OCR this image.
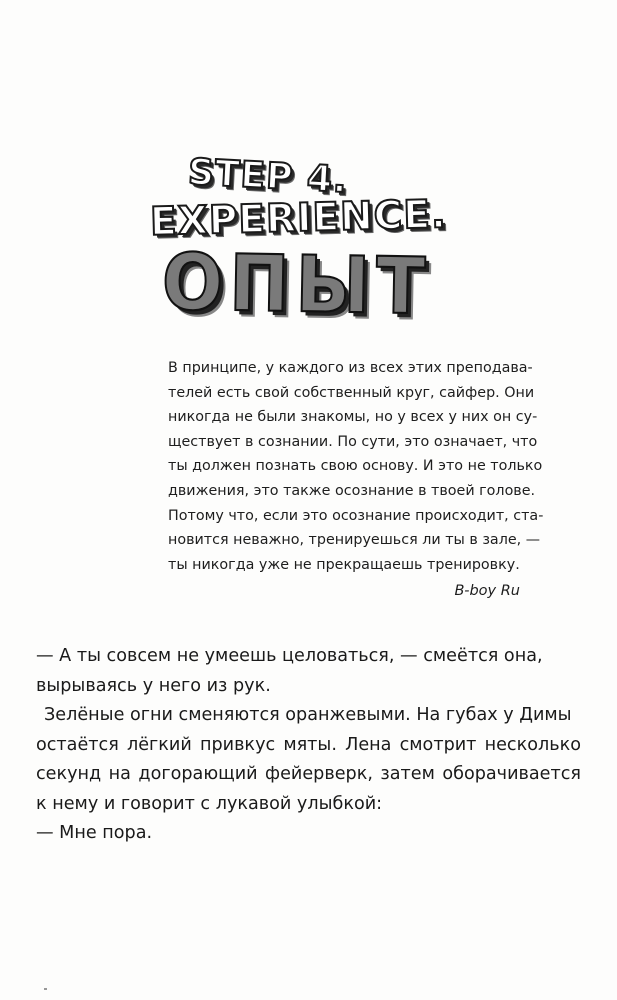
STEP 4.
EXPERIENCE.
ОПЫТ
В принципе, у каждого из всех этих преподава-
телей есть свой собственный круг, сайфер. Они
никогда не были знакомы, но у всех у них он су-
ществует в сознании. По сути, это означает, что
ты должен познать свою основу. И это не только
движения, это также осознание в твоей голове.
Потому что, если это осознание происходит, ста-
новится неважно, тренируешься ли ты в зале, —
ты никогда уже не прекращаешь тренировку.
B-boy Ru
— А ты совсем не умеешь целоваться, — смеётся она,
вырываясь у него из рук.
Зелёные огни сменяются оранжевыми. На губах у Димы
остаётся лёгкий привкус мяты. Лена смотрит несколько
секунд на догорающий фейерверк, затем оборачивается
к нему и говорит с лукавой улыбкой:
— Мне пора.
